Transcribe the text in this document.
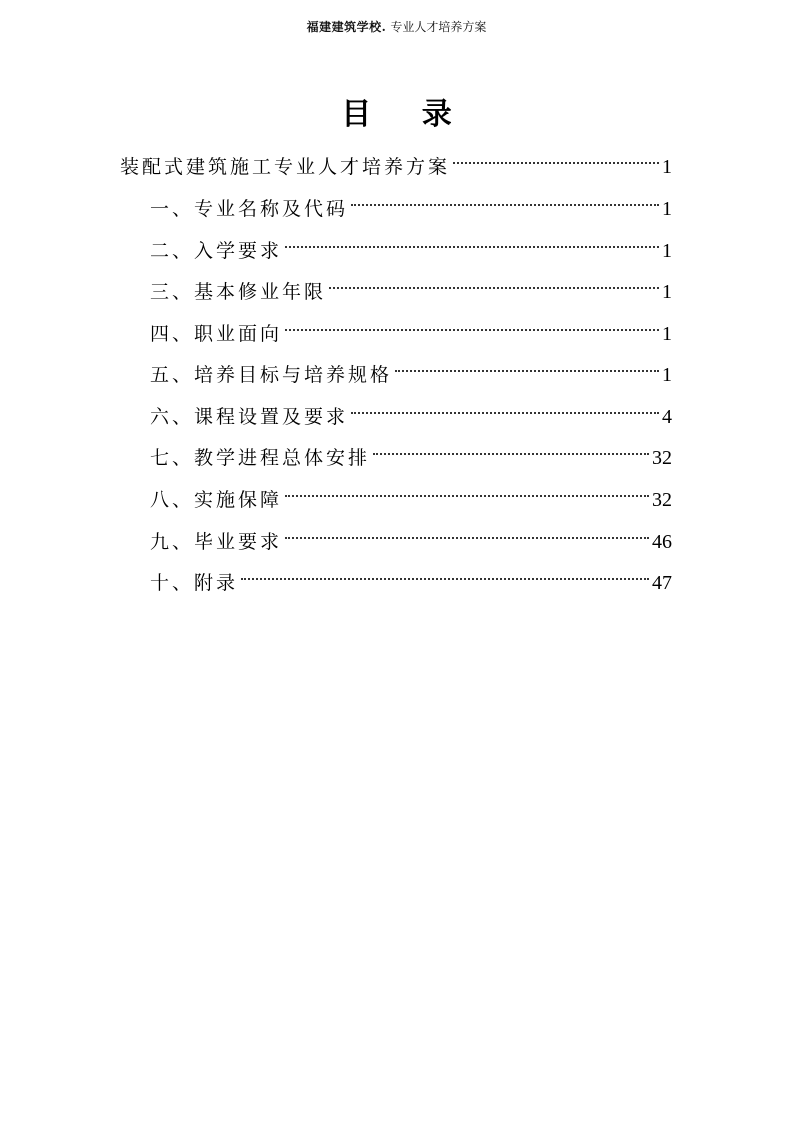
福建建筑学校. 专业人才培养方案
目 录
装配式建筑施工专业人才培养方案	1
一、专业名称及代码	1
二、入学要求	1
三、基本修业年限	1
四、职业面向	1
五、培养目标与培养规格	1
六、课程设置及要求	4
七、教学进程总体安排	32
八、实施保障	32
九、毕业要求	46
十、附录	47
